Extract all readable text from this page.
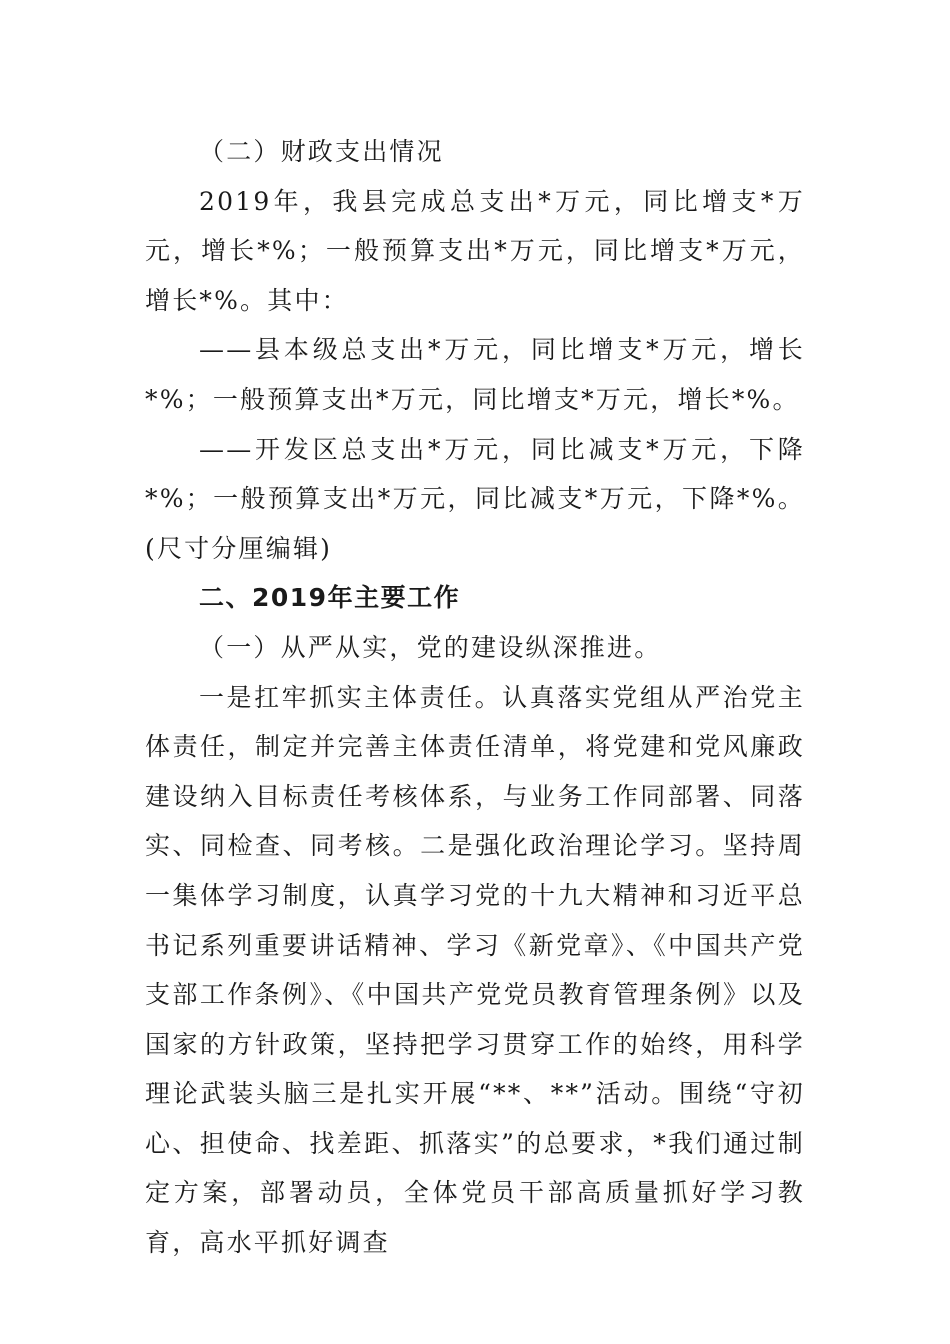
（二）财政支出情况

2019年，我县完成总支出*万元，同比增支*万元，增长*%；一般预算支出*万元，同比增支*万元，增长*%。其中：

——县本级总支出*万元，同比增支*万元，增长*%；一般预算支出*万元，同比增支*万元，增长*%。

——开发区总支出*万元，同比减支*万元，下降*%；一般预算支出*万元，同比减支*万元，下降*%。(尺寸分厘编辑)

二、2019年主要工作

（一）从严从实，党的建设纵深推进。

一是扛牢抓实主体责任。认真落实党组从严治党主体责任，制定并完善主体责任清单，将党建和党风廉政建设纳入目标责任考核体系，与业务工作同部署、同落实、同检查、同考核。二是强化政治理论学习。坚持周一集体学习制度，认真学习党的十九大精神和习近平总书记系列重要讲话精神、学习《新党章》、《中国共产党支部工作条例》、《中国共产党党员教育管理条例》以及国家的方针政策，坚持把学习贯穿工作的始终，用科学理论武装头脑三是扎实开展“**、**”活动。围绕“守初心、担使命、找差距、抓落实”的总要求，*我们通过制定方案，部署动员，全体党员干部高质量抓好学习教育，高水平抓好调查
